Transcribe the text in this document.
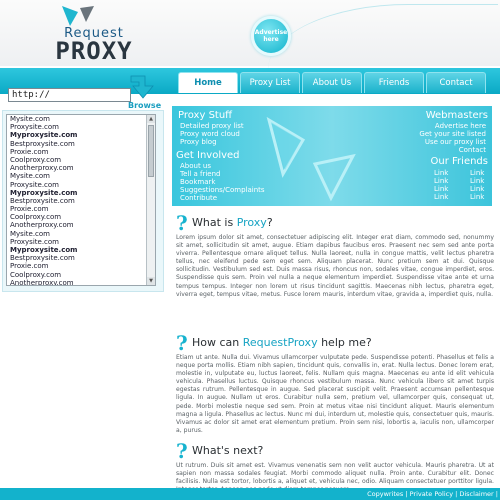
Request
PROXY
Advertise here
Home	Proxy List	About Us	Friends	Contact
http://
Browse
Mysite.com
Proxysite.com
Myproxysite.com
Bestproxysite.com
Proxie.com
Coolproxy.com
Anotherproxy.com
Mysite.com
Proxysite.com
Myproxysite.com
Bestproxysite.com
Proxie.com
Coolproxy.com
Anotherproxy.com
Mysite.com
Proxysite.com
Myproxysite.com
Bestproxysite.com
Proxie.com
Coolproxy.com
Anotherproxy.com
▲
▼
Proxy Stuff
Detailed proxy list
Proxy word cloud
Proxy blog
Get Involved
About us
Tell a friend
Bookmark
Suggestions/Complaints
Contribute
Webmasters
Advertise here
Get your site listed
Use our proxy list
Contact
Our Friends
Link	Link
Link	Link
Link	Link
Link	Link
? What is Proxy?
Lorem ipsum dolor sit amet, consectetuer adipiscing elit. Integer erat diam, commodo sed, nonummy sit amet, sollicitudin sit amet, augue. Etiam dapibus faucibus eros. Praesent nec sem sed ante porta viverra. Pellentesque ornare aliquet tellus. Nulla laoreet, nulla in congue mattis, velit lectus pharetra tellus, nec eleifend pede sem eget sem. Aliquam placerat. Nunc pretium sem at dui. Quisque sollicitudin. Vestibulum sed est. Duis massa risus, rhoncus non, sodales vitae, congue imperdiet, eros. Suspendisse quis sem. Proin vel nulla a neque elementum imperdiet. Suspendisse vitae ante et urna tempus tempus. Integer non lorem ut risus tincidunt sagittis. Maecenas nibh lectus, pharetra eget, viverra eget, tempus vitae, metus. Fusce lorem mauris, interdum vitae, gravida a, imperdiet quis, nulla.
? How can RequestProxy help me?
Etiam ut ante. Nulla dui. Vivamus ullamcorper vulputate pede. Suspendisse potenti. Phasellus et felis a neque porta mollis. Etiam nibh sapien, tincidunt quis, convallis in, erat. Nulla lectus. Donec lorem erat, molestie in, vulputate eu, luctus laoreet, felis. Nullam quis magna. Maecenas eu ante id elit vehicula vehicula. Phasellus luctus. Quisque rhoncus vestibulum massa. Nunc vehicula libero sit amet turpis egestas rutrum. Pellentesque in augue. Sed placerat suscipit velit. Praesent accumsan pellentesque ligula. In augue. Nullam ut eros. Curabitur nulla sem, pretium vel, ullamcorper quis, consequat ut, pede. Morbi molestie neque sed sem. Proin at metus vitae nisi tincidunt aliquet. Mauris elementum magna a ligula. Phasellus ac lectus. Nunc mi dui, interdum ut, molestie quis, consectetuer quis, mauris. Vivamus ac dolor sit amet erat elementum pretium. Proin sem nisi, lobortis a, iaculis non, ullamcorper a, purus.
? What's next?
Ut rutrum. Duis sit amet est. Vivamus venenatis sem non velit auctor vehicula. Mauris pharetra. Ut at sapien non massa sodales feugiat. Morbi commodo aliquet nulla. Proin ante. Curabitur elit. Donec facilisis. Nulla est tortor, lobortis a, aliquet et, vehicula nec, odio. Aliquam consectetuer porttitor ligula.
Copywrites | Private Policy | Disclaimer |
